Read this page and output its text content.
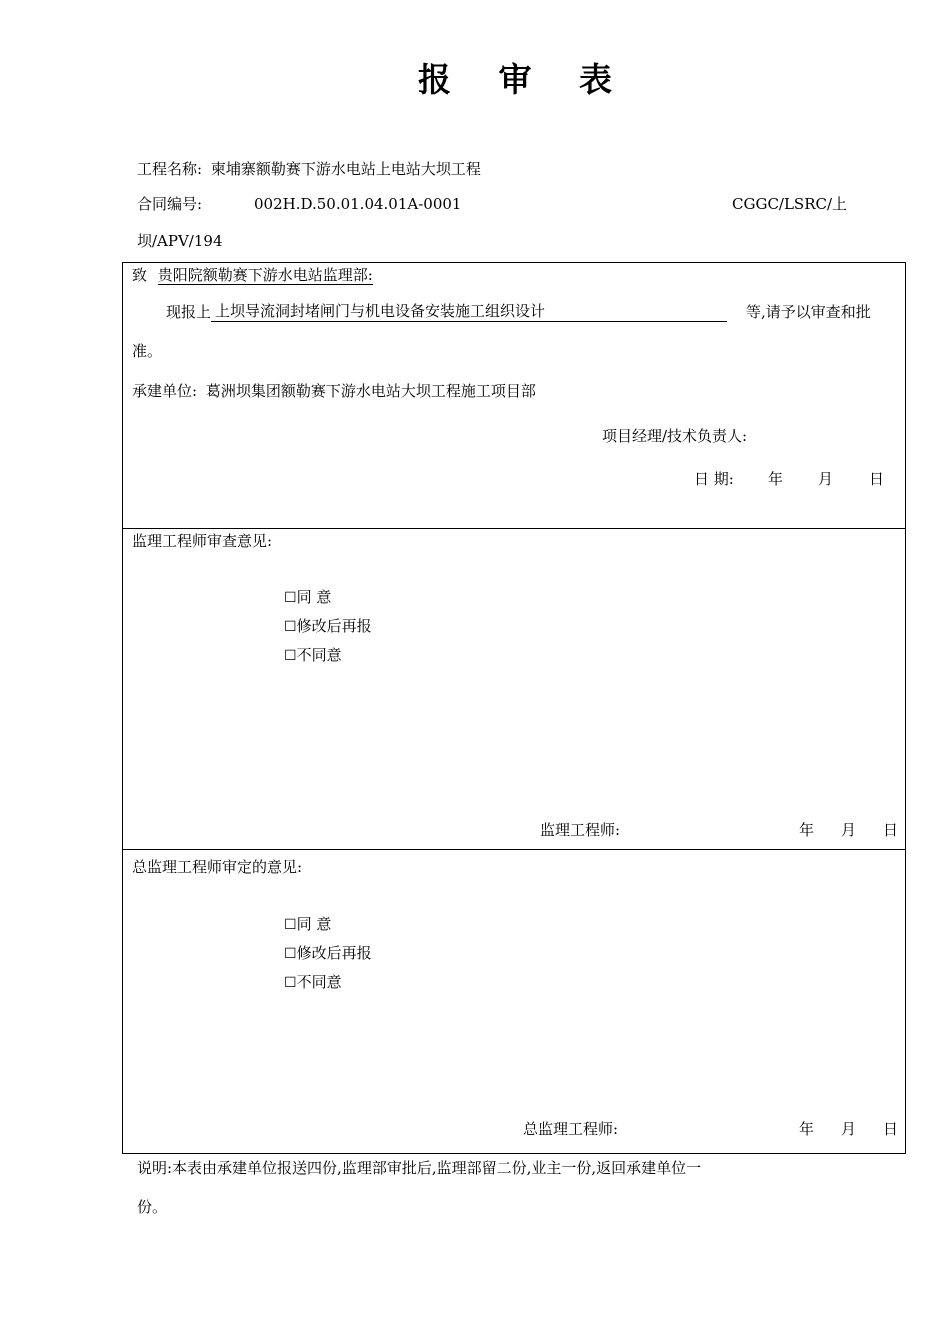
报 审 表
工程名称: 柬埔寨额勒赛下游水电站上电站大坝工程
合同编号:	002H.D.50.01.04.01A-0001	CGGC/LSRC/上
坝/APV/194
致 贵阳院额勒赛下游水电站监理部:
现报上 上坝导流洞封堵闸门与机电设备安装施工组织设计	等,请予以审查和批
准。
承建单位: 葛洲坝集团额勒赛下游水电站大坝工程施工项目部
项目经理/技术负责人:
日 期: 年 月 日
监理工程师审查意见:
☐同 意
☐修改后再报
☐不同意
监理工程师:	年 月 日
总监理工程师审定的意见:
☐同 意
☐修改后再报
☐不同意
总监理工程师:	年 月 日
说明:本表由承建单位报送四份,监理部审批后,监理部留二份,业主一份,返回承建单位一
份。
